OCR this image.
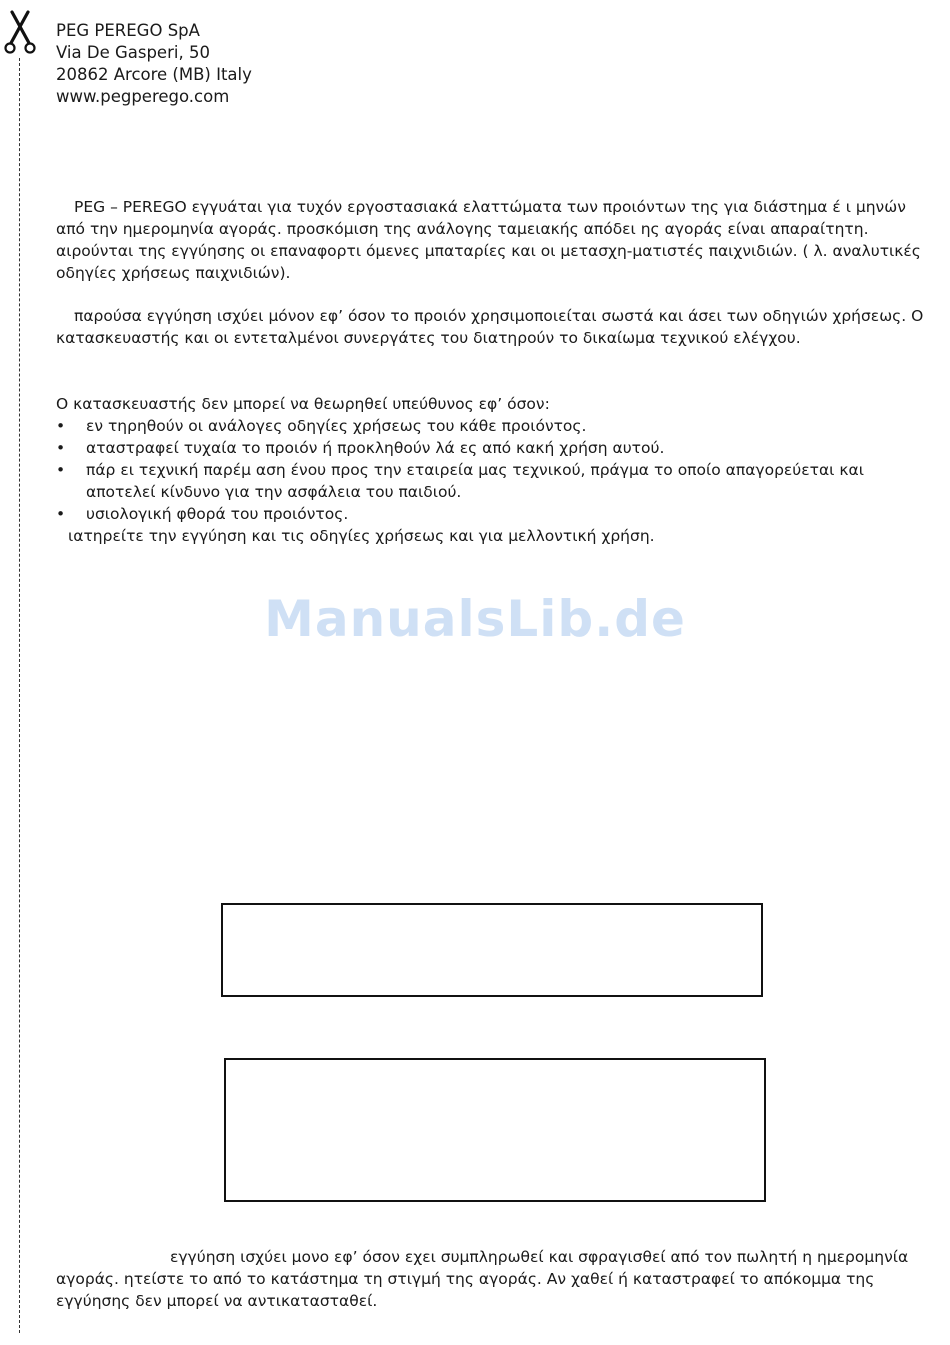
PEG PEREGO SpA
Via De Gasperi, 50
20862 Arcore (MB) Italy
www.pegperego.com

PEG – PEREGO εγγυάται για τυχόν εργοστασιακά ελαττώματα των προιόντων της για διάστημα έ ι μηνών από την ημερομηνία αγοράς. προσκόμιση της ανάλογης ταμειακής απόδει ης αγοράς είναι απαραίτητη. αιρούνται της εγγύησης οι επαναφορτι όμενες μπαταρίες και οι μετασχη-ματιστές παιχνιδιών. ( λ. αναλυτικές οδηγίες χρήσεως παιχνιδιών).

παρούσα εγγύηση ισχύει μόνον εφ’ όσον το προιόν χρησιμοποιείται σωστά και άσει των οδηγιών χρήσεως. Ο κατασκευαστής και οι εντεταλμένοι συνεργάτες του διατηρούν το δικαίωμα τεχνικού ελέγχου.

Ο κατασκευαστής δεν μπορεί να θεωρηθεί υπεύθυνος εφ’ όσον:

•	εν τηρηθούν οι ανάλογες οδηγίες χρήσεως του κάθε προιόντος.
•	αταστραφεί τυχαία το προιόν ή προκληθούν λά ες από κακή χρήση αυτού.
•	πάρ ει τεχνική παρέμ αση ένου προς την εταιρεία μας τεχνικού, πράγμα το οποίο απαγορεύεται και αποτελεί κίνδυνο για την ασφάλεια του παιδιού.
•	υσιολογική φθορά του προιόντος.

ιατηρείτε την εγγύηση και τις οδηγίες χρήσεως και για μελλοντική χρήση.

ManualsLib.de

εγγύηση ισχύει μονο εφ’ όσον εχει συμπληρωθεί και σφραγισθεί από τον πωλητή η ημερομηνία αγοράς. ητείστε το από το κατάστημα τη στιγμή της αγοράς. Αν χαθεί ή καταστραφεί το απόκομμα της εγγύησης δεν μπορεί να αντικατασταθεί.
